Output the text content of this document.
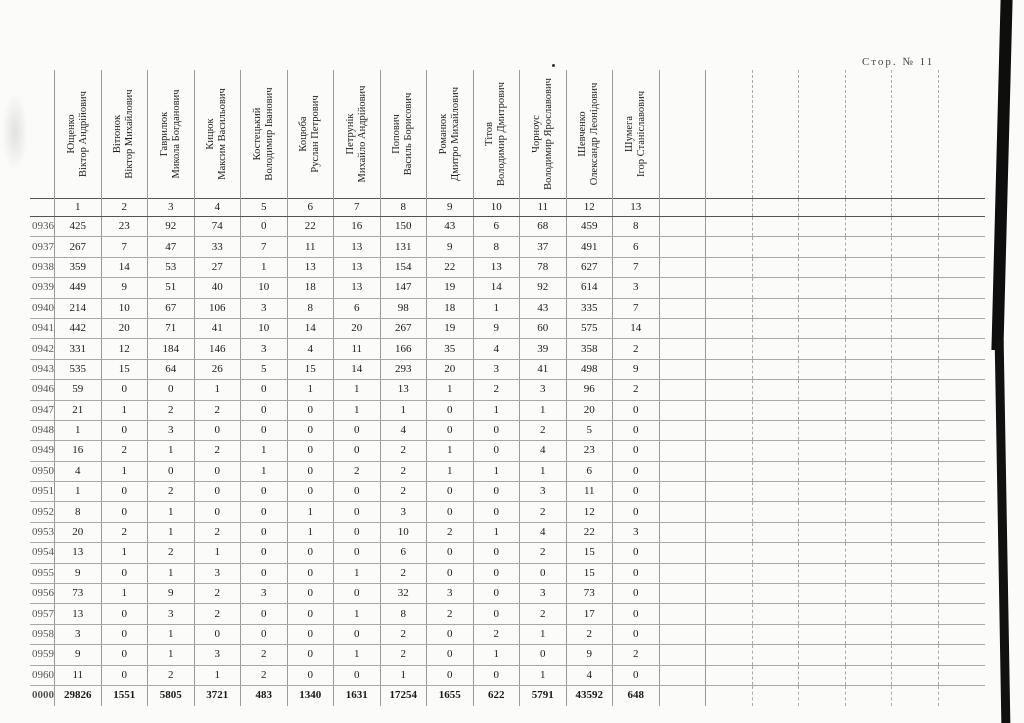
Стор. № 11

	Ющенко Віктор Андрійович	Вітюнок Віктор Михайлович	Гаврилюк Микола Богданович	Кицюк Максим Васильович	Костецький Володимир Іванович	Коцюба Руслан Петрович	Петрунік Михайло Андрійович	Попович Василь Борисович	Романюк Дмитро Михайлович	Тітов Володимир Дмитрович	Чорноус Володимир Ярославович	Шевченко Олександр Леонідович	Шумега Ігор Станіславович							

	1	2	3	4	5	6	7	8	9	10	11	12	13							
0936	425	23	92	74	0	22	16	150	43	6	68	459	8							
0937	267	7	47	33	7	11	13	131	9	8	37	491	6							
0938	359	14	53	27	1	13	13	154	22	13	78	627	7							
0939	449	9	51	40	10	18	13	147	19	14	92	614	3							
0940	214	10	67	106	3	8	6	98	18	1	43	335	7							
0941	442	20	71	41	10	14	20	267	19	9	60	575	14							
0942	331	12	184	146	3	4	11	166	35	4	39	358	2							
0943	535	15	64	26	5	15	14	293	20	3	41	498	9							
0946	59	0	0	1	0	1	1	13	1	2	3	96	2							
0947	21	1	2	2	0	0	1	1	0	1	1	20	0							
0948	1	0	3	0	0	0	0	4	0	0	2	5	0							
0949	16	2	1	2	1	0	0	2	1	0	4	23	0							
0950	4	1	0	0	1	0	2	2	1	1	1	6	0							
0951	1	0	2	0	0	0	0	2	0	0	3	11	0							
0952	8	0	1	0	0	1	0	3	0	0	2	12	0							
0953	20	2	1	2	0	1	0	10	2	1	4	22	3							
0954	13	1	2	1	0	0	0	6	0	0	2	15	0							
0955	9	0	1	3	0	0	1	2	0	0	0	15	0							
0956	73	1	9	2	3	0	0	32	3	0	3	73	0							
0957	13	0	3	2	0	0	1	8	2	0	2	17	0							
0958	3	0	1	0	0	0	0	2	0	2	1	2	0							
0959	9	0	1	3	2	0	1	2	0	1	0	9	2							
0960	11	0	2	1	2	0	0	1	0	0	1	4	0							
0000	29826	1551	5805	3721	483	1340	1631	17254	1655	622	5791	43592	648							
